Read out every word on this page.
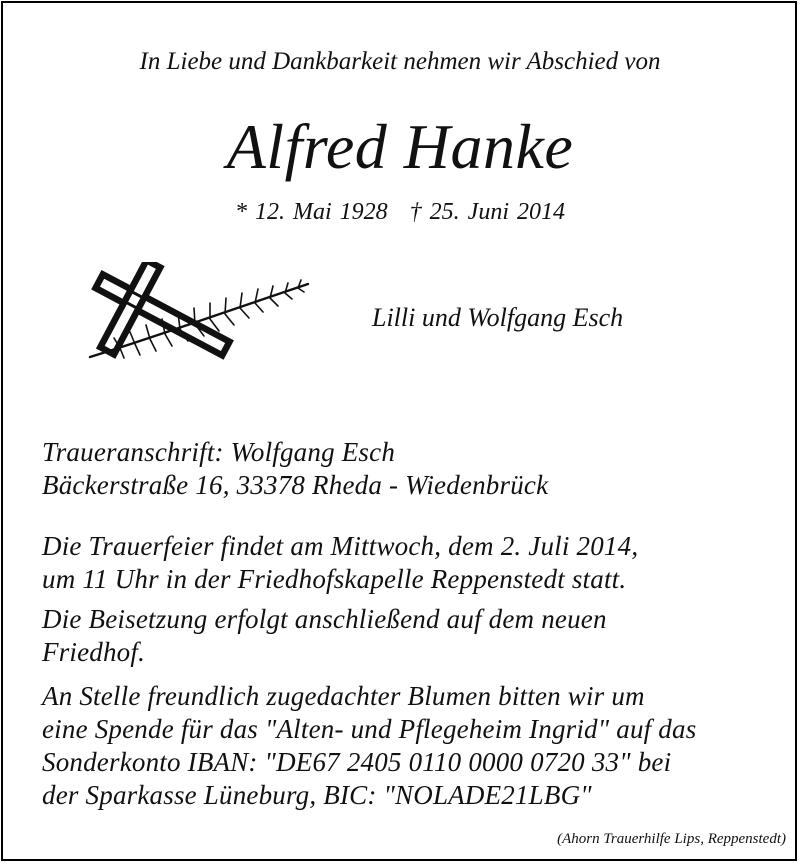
In Liebe und Dankbarkeit nehmen wir Abschied von
Alfred Hanke
* 12. Mai 1928 † 25. Juni 2014
Lilli und Wolfgang Esch
Traueranschrift: Wolfgang Esch
Bäckerstraße 16, 33378 Rheda - Wiedenbrück
Die Trauerfeier findet am Mittwoch, dem 2. Juli 2014,
um 11 Uhr in der Friedhofskapelle Reppenstedt statt.
Die Beisetzung erfolgt anschließend auf dem neuen
Friedhof.
An Stelle freundlich zugedachter Blumen bitten wir um
eine Spende für das "Alten- und Pflegeheim Ingrid" auf das
Sonderkonto IBAN: "DE67 2405 0110 0000 0720 33" bei
der Sparkasse Lüneburg, BIC: "NOLADE21LBG"
(Ahorn Trauerhilfe Lips, Reppenstedt)
